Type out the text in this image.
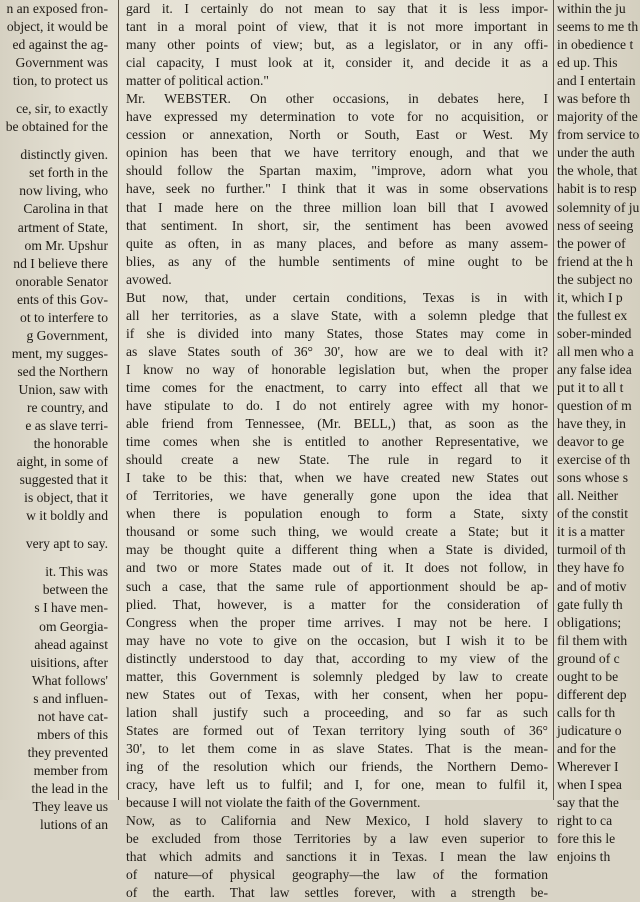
n an exposed fron-
object, it would be
ed against the ag-
Government was
tion, to protect us
ce, sir, to exactly
be obtained for the
distinctly given.
set forth in the
now living, who
Carolina in that
artment of State,
om Mr. Upshur
nd I believe there
onorable Senator
ents of this Gov-
ot to interfere to
g Government,
ment, my sugges-
sed the Northern
Union, saw with
re country, and
e as slave terri-
the honorable
aight, in some of
suggested that it
is object, that it
w it boldly and
very apt to say.
it. This was
between the
s I have men-
om Georgia-
ahead against
uisitions, after
What follows'
s and influen-
not have cat-
mbers of this
they prevented
member from
the lead in the
They leave us
lutions of an
gard it. I certainly do not mean to say that it is less impor-
tant in a moral point of view, that it is not more important in
many other points of view; but, as a legislator, or in any offi-
cial capacity, I must look at it, consider it, and decide it as a
matter of political action."
Mr. WEBSTER. On other occasions, in debates here, I
have expressed my determination to vote for no acquisition, or
cession or annexation, North or South, East or West. My
opinion has been that we have territory enough, and that we
should follow the Spartan maxim, "improve, adorn what you
have, seek no further." I think that it was in some observations
that I made here on the three million loan bill that I avowed
that sentiment. In short, sir, the sentiment has been avowed
quite as often, in as many places, and before as many assem-
blies, as any of the humble sentiments of mine ought to be
avowed.
But now, that, under certain conditions, Texas is in with
all her territories, as a slave State, with a solemn pledge that
if she is divided into many States, those States may come in
as slave States south of 36° 30', how are we to deal with it?
I know no way of honorable legislation but, when the proper
time comes for the enactment, to carry into effect all that we
have stipulate to do. I do not entirely agree with my honor-
able friend from Tennessee, (Mr. BELL,) that, as soon as the
time comes when she is entitled to another Representative, we
should create a new State. The rule in regard to it
I take to be this: that, when we have created new States out
of Territories, we have generally gone upon the idea that
when there is population enough to form a State, sixty
thousand or some such thing, we would create a State; but it
may be thought quite a different thing when a State is divided,
and two or more States made out of it. It does not follow, in
such a case, that the same rule of apportionment should be ap-
plied. That, however, is a matter for the consideration of
Congress when the proper time arrives. I may not be here. I
may have no vote to give on the occasion, but I wish it to be
distinctly understood to day that, according to my view of the
matter, this Government is solemnly pledged by law to create
new States out of Texas, with her consent, when her popu-
lation shall justify such a proceeding, and so far as such
States are formed out of Texan territory lying south of 36°
30', to let them come in as slave States. That is the mean-
ing of the resolution which our friends, the Northern Demo-
cracy, have left us to fulfil; and I, for one, mean to fulfil it,
because I will not violate the faith of the Government.
Now, as to California and New Mexico, I hold slavery to
be excluded from those Territories by a law even superior to
that which admits and sanctions it in Texas. I mean the law
of nature—of physical geography—the law of the formation
of the earth. That law settles forever, with a strength be-
within the ju
seems to me th
in obedience t
ed up. This
and I entertain
was before th
majority of the
from service to
under the auth
the whole, that
habit is to resp
solemnity of ju
ness of seeing
the power of
friend at the h
the subject no
it, which I p
the fullest ex
sober-minded
all men who a
any false idea
put it to all t
question of m
have they, in
deavor to ge
exercise of th
sons whose s
all. Neither
of the constit
it is a matter
turmoil of th
they have fo
and of motiv
gate fully th
obligations;
fil them with
ground of c
ought to be
different dep
calls for th
judicature o
and for the
Wherever I
when I spea
say that the
right to ca
fore this le
enjoins th
